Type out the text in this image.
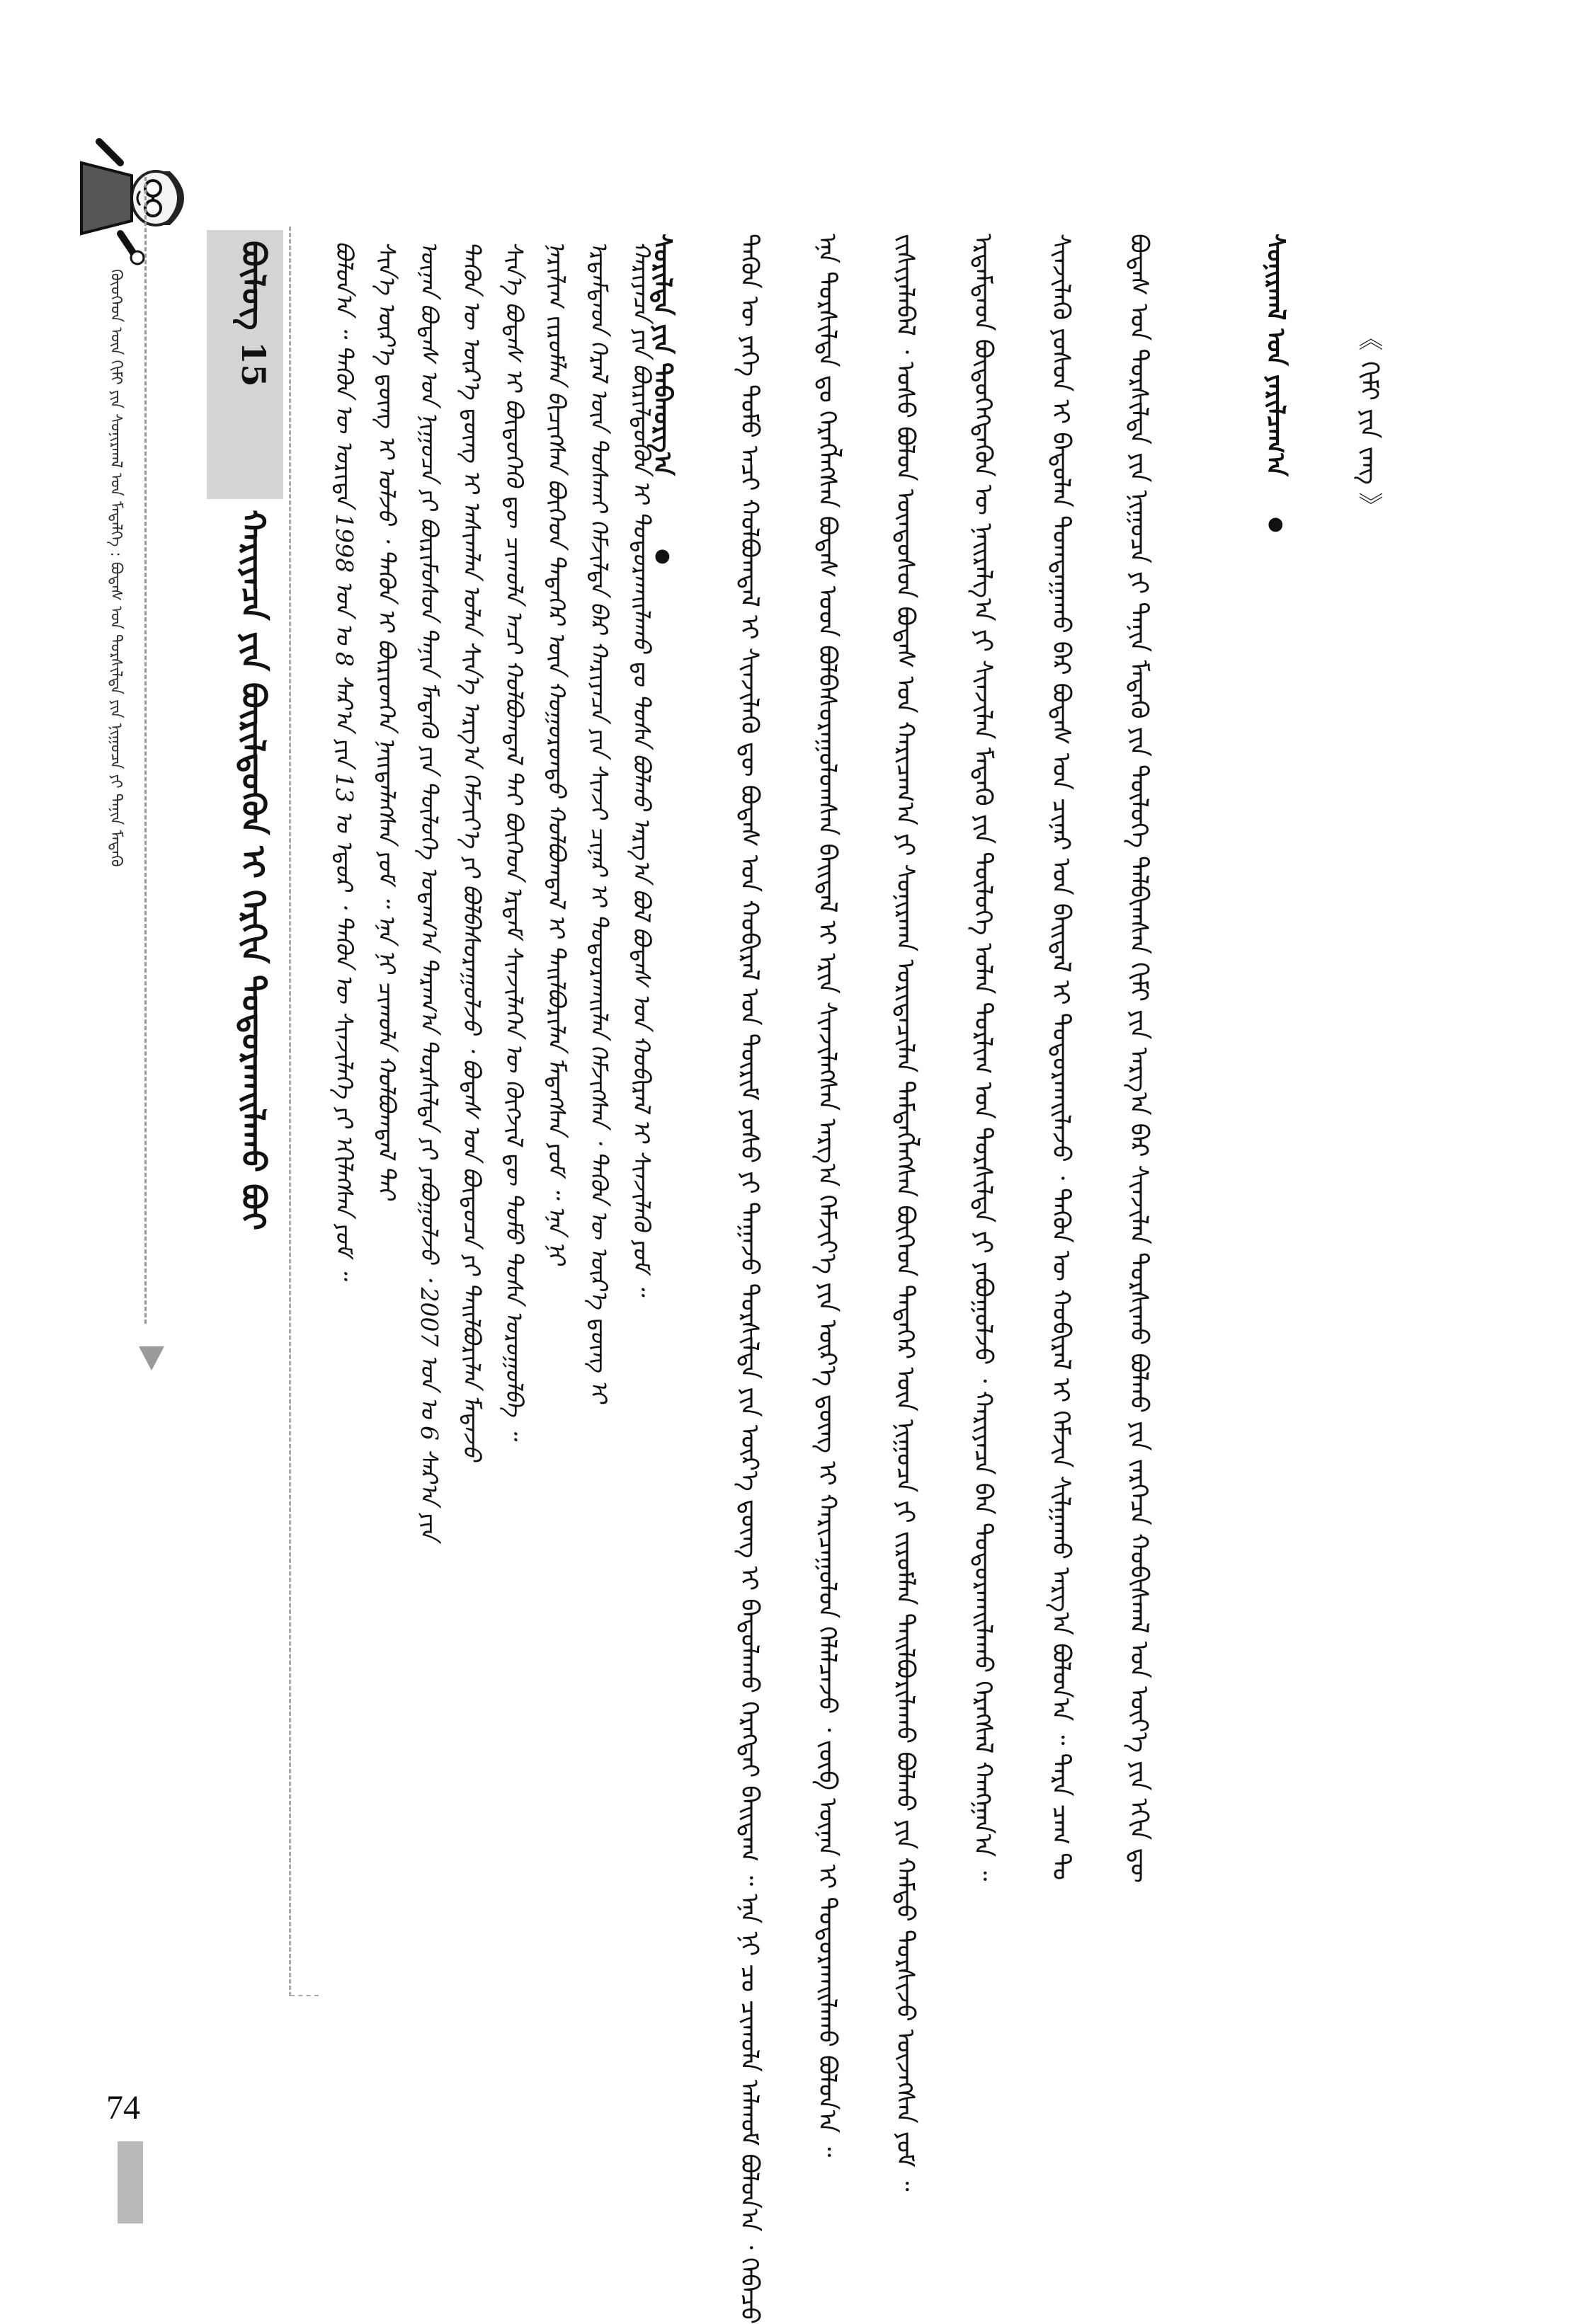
ᠬᠦᠦᠬᠡᠳ ᠦᠨ ᠬᠢᠮᠢ ᠶᠢᠨ ᠰᠣᠨᠢᠷᠬᠠᠯ ᠤᠨ ᠮᠡᠳᠡᠯᠭᠡ : ᠪᠣᠳᠠᠰ ᠤᠨ ᠲᠤᠷᠰᠢᠯᠲᠠ ᠶᠢᠨ ᠨᠢᠭᠤᠴᠠ ᠶᠢ ᠲᠠᠨᠢᠨ ᠮᠡᠳᠡᠬᠦ	ᠪᠦᠯᠦᠭ 15
ᠬᠠᠷᠢᠶᠠᠴᠠ ᠶᠢᠨ ᠪᠦᠷᠢᠯᠳᠦᠬᠦᠨ ᠢ ᠬᠡᠷᠬᠢᠨ ᠲᠣᠳᠣᠷᠬᠠᠢᠯᠠᠬᠤ ᠪᠤᠢ	ᠪᠣᠯᠤᠨ᠎ᠠ ᠃ ᠲᠡᠭᠦᠨ ᠦ ᠤᠷᠢᠳᠠ 1998 ᠣᠨ ᠤ 8 ᠰᠠᠷ᠎ᠠ ᠶᠢᠨ 13 ᠤ ᠡᠳᠦᠷ ᠂ ᠲᠡᠭᠦᠨ ᠦ ᠰᠢᠨᠵᠢᠯᠡᠭᠡ ᠶᠢ ᠡᠬᠢᠯᠡᠭᠰᠡᠨ ᠶᠤᠮ ᠃ ᠰᠢᠨ᠎ᠡ ᠦᠷ᠎ᠡ ᠳ᠋ᠦᠩ ᠢ ᠣᠯᠵᠤ ᠂ ᠲᠡᠭᠦᠨ ᠢ ᠪᠦᠷᠢᠳᠬᠡᠨ ᠨᠡᠢᠲᠡᠯᠡᠭᠰᠡᠨ ᠶᠤᠮ ᠃ ᠡᠨᠡ ᠨᠢ ᠴᠢᠬᠤᠯᠠ ᠬᠣᠯᠪᠣᠭᠳᠠᠯ ᠲᠠᠢ ᠦᠨᠡᠨ ᠪᠣᠳᠠᠰ ᠤᠨ ᠨᠢᠭᠤᠴᠠ ᠶᠢ ᠪᠦᠷᠢᠮᠦᠰᠦᠨ ᠲᠠᠨᠢᠨ ᠮᠡᠳᠡᠬᠦ ᠶᠢᠨ ᠲᠥᠯᠥᠭᠡ ᠤᠳᠠᠭ᠎ᠠ ᠳᠠᠷᠠᠭ᠎ᠠ ᠲᠤᠷᠰᠢᠯᠲᠠ ᠶᠢ ᠶᠠᠪᠤᠭᠤᠯᠵᠤ ᠂ 2007 ᠣᠨ ᠤ 6 ᠰᠠᠷ᠎ᠠ ᠶᠢᠨ ᠲᠡᠭᠦᠨ ᠦ ᠦᠷ᠎ᠡ ᠳ᠋ᠦᠩ ᠢ ᠠᠰᠢᠭᠯᠠᠨ ᠣᠯᠠᠨ ᠰᠢᠨ᠎ᠡ ᠠᠷᠭ᠎ᠠ ᠬᠡᠮᠵᠢᠶ᠎ᠡ ᠶᠢ ᠪᠣᠯᠪᠠᠰᠤᠷᠠᠭᠤᠯᠵᠤ ᠂ ᠪᠣᠳᠠᠰ ᠤᠨ ᠪᠦᠲᠦᠴᠡ ᠶᠢ ᠲᠠᠢᠯᠪᠤᠷᠢᠯᠠᠨ ᠮᠡᠳᠡᠵᠦ ᠰᠢᠨ᠎ᠡ ᠪᠣᠳᠠᠰ ᠢ ᠪᠦᠲᠦᠭᠡᠬᠦ ᠳᠦ ᠴᠢᠬᠤᠯᠠ ᠠᠴᠢ ᠬᠣᠯᠪᠣᠭᠳᠠᠯ ᠲᠠᠢ ᠪᠥᠭᠡᠳ ᠡᠷᠳᠡᠮ ᠰᠢᠨᠵᠢᠯᠡᠭᠡᠨ ᠦ ᠬᠥᠭᠵᠢᠯ ᠳᠦ ᠲᠣᠮᠣ ᠲᠤᠰᠠ ᠣᠷᠣᠭᠤᠯᠪᠠ ᠃ ᠨᠠᠷᠢᠯᠢᠭ ᠵᠢᠷᠤᠮᠯᠠᠨ ᠪᠢᠴᠢᠭᠰᠡᠨ ᠪᠥᠭᠡᠳ ᠲᠡᠳᠡᠭᠡᠷ ᠦᠨ ᠬᠣᠭᠣᠷᠣᠨᠳᠤ ᠬᠣᠯᠪᠣᠭᠳᠠᠯ ᠢ ᠲᠠᠢᠯᠪᠤᠷᠢᠯᠠᠨ ᠮᠡᠳᠡᠭᠰᠡᠨ ᠶᠤᠮ ᠃ ᠡᠨᠡ ᠨᠢ ᠡᠷᠳᠡᠮᠲᠡᠳ ᠭᠡᠷᠡᠯ ᠦᠨ ᠲᠤᠰᠬᠠᠢ ᠬᠡᠮᠵᠢᠯᠲᠡ ᠪᠡᠷ ᠬᠠᠷᠢᠶᠠᠴᠠ ᠶᠢᠨ ᠰᠢᠨᠵᠢ ᠴᠢᠨᠠᠷ ᠢ ᠲᠣᠳᠣᠷᠬᠠᠢᠯᠠᠨ ᠬᠡᠮᠵᠢᠭᠰᠡᠨ ᠂ ᠲᠡᠭᠦᠨ ᠦ ᠦᠷ᠎ᠡ ᠳ᠋ᠦᠩ ᠢ ᠬᠠᠷᠢᠶᠠᠴᠠ ᠶᠢᠨ ᠪᠦᠷᠢᠯᠳᠦᠬᠦᠨ ᠢ ᠲᠣᠳᠣᠷᠬᠠᠢᠯᠠᠬᠤ ᠳᠤ ᠲᠤᠰᠠ ᠪᠣᠯᠬᠤ ᠠᠷᠭ᠎ᠠ ᠪᠣᠯ ᠪᠣᠳᠠᠰ ᠤᠨ ᠬᠤᠪᠢᠷᠠᠯ ᠢ ᠰᠢᠨᠵᠢᠯᠡᠬᠦ ᠶᠤᠮ ᠃
●
ᠰᠣᠷᠢᠯᠲᠠ ᠶᠢᠨ ᠳᠠᠪᠬᠤᠷᠭ᠎ᠠ ᠲᠡᠭᠦᠨ ᠦ ᠶᠡᠭᠡ ᠲᠣᠮᠣ ᠠᠴᠢ ᠬᠣᠯᠪᠣᠭᠳᠠᠯ ᠢ ᠰᠢᠨᠵᠢᠯᠡᠬᠦ ᠳᠦ ᠪᠣᠳᠠᠰ ᠤᠨ ᠬᠤᠪᠢᠷᠠᠯ ᠤᠨ ᠳᠦᠷᠢᠮ ᠶᠣᠰᠣ ᠶᠢ ᠳᠠᠭᠠᠵᠤ ᠲᠤᠷᠰᠢᠯᠲᠠ ᠶᠢᠨ ᠦᠷ᠎ᠡ ᠳ᠋ᠦᠩ ᠢ ᠪᠠᠲᠤᠯᠠᠬᠤ ᠬᠡᠷᠡᠭᠲᠡᠢ ᠪᠠᠢᠳᠠᠭ ᠃ ᠡᠨᠡ ᠨᠢ ᠴᠤ ᠴᠢᠬᠤᠯᠠ ᠠᠯᠬᠤᠮ ᠪᠣᠯᠤᠨ᠎ᠠ ᠂ ᠭᠡᠪᠡᠴᠦ ᠡᠨᠡ ᠲᠤᠷᠰᠢᠯᠲᠠ ᠳᠤ ᠬᠡᠷᠡᠭᠯᠡᠭᠰᠡᠨ ᠪᠣᠳᠠᠰ ᠤᠳ ᠪᠣᠯᠪᠠᠰᠤᠷᠠᠭᠤᠯᠤᠭᠰᠠᠨ ᠪᠠᠢᠳᠠᠯ ᠢ ᠡᠷᠢᠨ ᠰᠢᠨᠵᠢᠯᠡᠭᠰᠡᠨ ᠠᠷᠭ᠎ᠠ ᠬᠡᠮᠵᠢᠶ᠎ᠡ ᠶᠢᠨ ᠦᠷ᠎ᠡ ᠳ᠋ᠦᠩ ᠢ ᠬᠠᠷᠢᠴᠠᠭᠤᠯᠤᠨ ᠬᠡᠯᠡᠯᠴᠡᠵᠦ ᠂ ᠵᠥᠪ ᠦᠨᠡᠨ ᠢ ᠲᠣᠳᠣᠷᠬᠠᠢᠯᠠᠬᠤ ᠪᠣᠯᠤᠨ᠎ᠠ ᠃ ᠵᠢᠱᠢᠶᠡᠯᠡᠪᠡᠯ ᠂ ᠤᠰᠤ ᠪᠣᠯᠤᠨ ᠦᠨᠳᠦᠰᠦᠨ ᠪᠣᠳᠠᠰ ᠤᠨ ᠬᠠᠷᠢᠴᠠᠭ᠎ᠠ ᠶᠢ ᠰᠣᠨᠢᠷᠬᠠᠨ ᠤᠷᠢᠳᠠᠴᠢᠯᠠᠨ ᠲᠡᠮᠳᠡᠭᠯᠡᠭᠰᠡᠨ ᠪᠥᠭᠡᠳ ᠲᠡᠳᠡᠭᠡᠷ ᠦᠨ ᠨᠢᠭᠤᠴᠠ ᠶᠢ ᠵᠢᠷᠤᠮᠯᠠᠨ ᠲᠠᠢᠯᠪᠤᠷᠢᠯᠠᠬᠤ ᠪᠣᠯᠬᠤ ᠶᠢᠨ ᠬᠠᠮᠲᠤ ᠲᠤᠷᠰᠢᠵᠤ ᠦᠵᠡᠭᠰᠡᠨ ᠶᠤᠮ ᠃ ᠡᠷᠳᠡᠮᠲᠡᠳ ᠪᠦᠲᠦᠭᠡᠭᠳᠡᠬᠦᠨ ᠦ ᠨᠠᠢᠷᠠᠯᠭ᠎ᠠ ᠶᠢ ᠰᠢᠨᠵᠢᠯᠡᠨ ᠮᠡᠳᠡᠬᠦ ᠶᠢᠨ ᠲᠥᠯᠥᠭᠡ ᠣᠯᠠᠨ ᠲᠣᠷᠯᠢᠭ ᠤᠨ ᠲᠤᠷᠰᠢᠯᠲᠠ ᠶᠢ ᠶᠠᠪᠤᠭᠤᠯᠵᠤ ᠂ ᠬᠠᠷᠢᠶᠠᠴᠠ ᠪᠠᠨ ᠲᠣᠳᠣᠷᠬᠠᠢᠯᠠᠬᠤ ᠬᠡᠷᠡᠭᠰᠡᠯ ᠬᠠᠩᠭᠠᠨ᠎ᠠ ᠃ ᠰᠢᠨᠵᠢᠯᠡᠬᠦ ᠶᠤᠰᠤᠨ ᠢ ᠪᠠᠲᠤᠯᠠᠨ ᠲᠣᠭᠲᠠᠭᠠᠬᠤ ᠪᠠᠷ ᠪᠣᠳᠠᠰ ᠤᠨ ᠴᠢᠨᠠᠷ ᠤᠨ ᠪᠠᠢᠳᠠᠯ ᠢ ᠲᠣᠳᠣᠷᠬᠠᠢᠯᠠᠵᠤ ᠂ ᠲᠡᠭᠦᠨ ᠦ ᠬᠤᠪᠢᠷᠠᠯ ᠢ ᠬᠡᠮᠵᠢᠨ ᠰᠢᠯᠭᠠᠬᠤ ᠠᠷᠭ᠎ᠠ ᠪᠣᠯᠤᠨ᠎ᠠ ᠃ ᠲᠡᠷᠡ ᠴᠠᠭ ᠲᠤ ᠪᠣᠳᠠᠰ ᠤᠨ ᠲᠤᠷᠰᠢᠯᠲᠠ ᠶᠢᠨ ᠨᠢᠭᠤᠴᠠ ᠶᠢ ᠲᠠᠨᠢᠨ ᠮᠡᠳᠡᠬᠦ ᠶᠢᠨ ᠲᠥᠯᠥᠭᠡ ᠲᠠᠯᠪᠢᠭᠰᠠᠨ ᠬᠢᠮᠢ ᠶᠢᠨ ᠠᠷᠭ᠎ᠠ ᠪᠡᠷ ᠰᠢᠨᠵᠢᠯᠡᠨ ᠲᠤᠷᠰᠢᠬᠤ ᠪᠣᠯᠬᠤ ᠶᠢᠨ ᠵᠡᠷᠭᠡᠴᠡ ᠬᠤᠪᠢᠰᠬᠠᠯ ᠤᠨ ᠦᠶ᠎ᠡ ᠶᠢᠨ ᠡᠬᠢᠨ ᠳᠦ	●
ᠰᠣᠨᠢᠷᠬᠠᠯ ᠤᠨ ᠶᠠᠷᠢᠯᠴᠠᠭ᠎ᠠ	《 ᠬᠢᠮᠢ ᠶᠢᠨ ᠵᠠᠩ 》
74
